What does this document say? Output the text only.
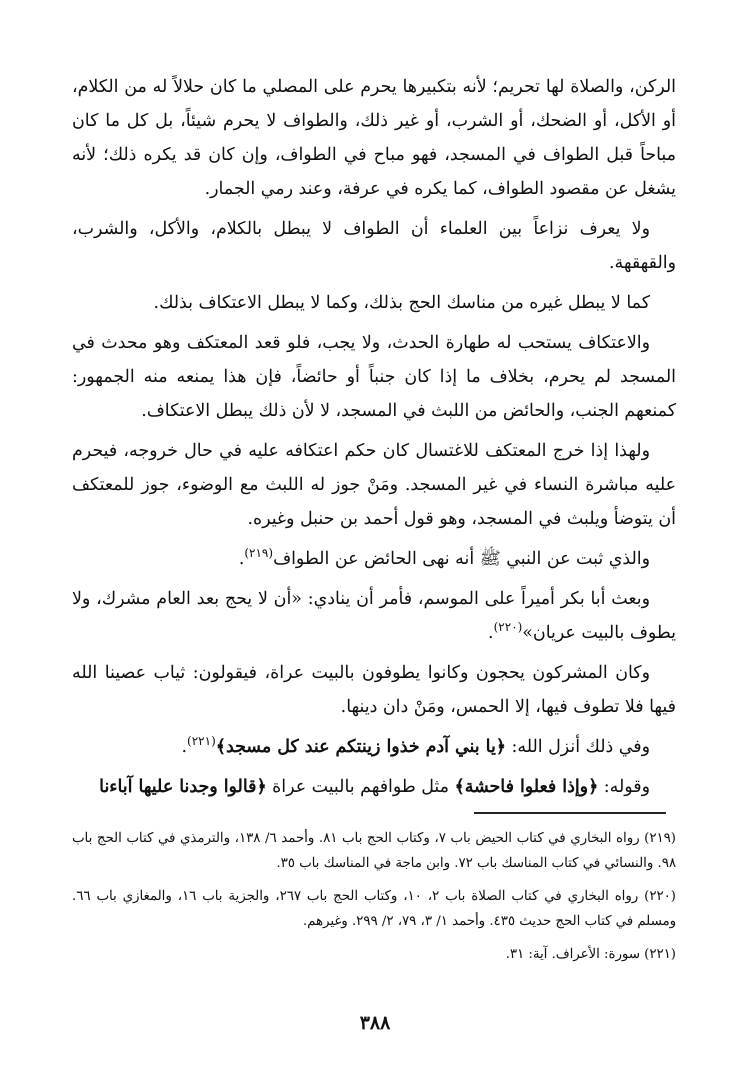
الركن، والصلاة لها تحريم؛ لأنه بتكبيرها يحرم على المصلي ما كان حلالاً له من الكلام، أو الأكل، أو الضحك، أو الشرب، أو غير ذلك، والطواف لا يحرم شيئاً، بل كل ما كان مباحاً قبل الطواف في المسجد، فهو مباح في الطواف، وإن كان قد يكره ذلك؛ لأنه يشغل عن مقصود الطواف، كما يكره في عرفة، وعند رمي الجمار.

ولا يعرف نزاعاً بين العلماء أن الطواف لا يبطل بالكلام، والأكل، والشرب، والقهقهة.

كما لا يبطل غيره من مناسك الحج بذلك، وكما لا يبطل الاعتكاف بذلك.

والاعتكاف يستحب له طهارة الحدث، ولا يجب، فلو قعد المعتكف وهو محدث في المسجد لم يحرم، بخلاف ما إذا كان جنباً أو حائضاً، فإن هذا يمنعه منه الجمهور: كمنعهم الجنب، والحائض من اللبث في المسجد، لا لأن ذلك يبطل الاعتكاف.

ولهذا إذا خرج المعتكف للاغتسال كان حكم اعتكافه عليه في حال خروجه، فيحرم عليه مباشرة النساء في غير المسجد. ومَنْ جوز له اللبث مع الوضوء، جوز للمعتكف أن يتوضأ ويلبث في المسجد، وهو قول أحمد بن حنبل وغيره.

والذي ثبت عن النبي ﷺ أنه نهى الحائض عن الطواف$^{(٢١٩)}$.

وبعث أبا بكر أميراً على الموسم، فأمر أن ينادي: «أن لا يحج بعد العام مشرك، ولا يطوف بالبيت عريان»$^{(٢٢٠)}$.

وكان المشركون يحجون وكانوا يطوفون بالبيت عراة، فيقولون: ثياب عصينا الله فيها فلا تطوف فيها، إلا الحمس، ومَنْ دان دينها.

وفي ذلك أنزل الله: ﴿يا بني آدم خذوا زينتكم عند كل مسجد﴾$^{(٢٢١)}$.

وقوله: ﴿وإذا فعلوا فاحشة﴾ مثل طوافهم بالبيت عراة ﴿قالوا وجدنا عليها آباءنا

(٢١٩) رواه البخاري في كتاب الحيض باب ٧، وكتاب الحج باب ٨١. وأحمد ٦/ ١٣٨، والترمذي في كتاب الحج باب ٩٨. والنسائي في كتاب المناسك باب ٧٢. وابن ماجة في المناسك باب ٣٥.

(٢٢٠) رواه البخاري في كتاب الصلاة باب ٢، ١٠، وكتاب الحج باب ٢٦٧، والجزية باب ١٦، والمغازي باب ٦٦. ومسلم في كتاب الحج حديث ٤٣٥. وأحمد ١/ ٣، ٧٩، ٢/ ٢٩٩. وغيرهم.

(٢٢١) سورة: الأعراف. آية: ٣١.

٣٨٨
